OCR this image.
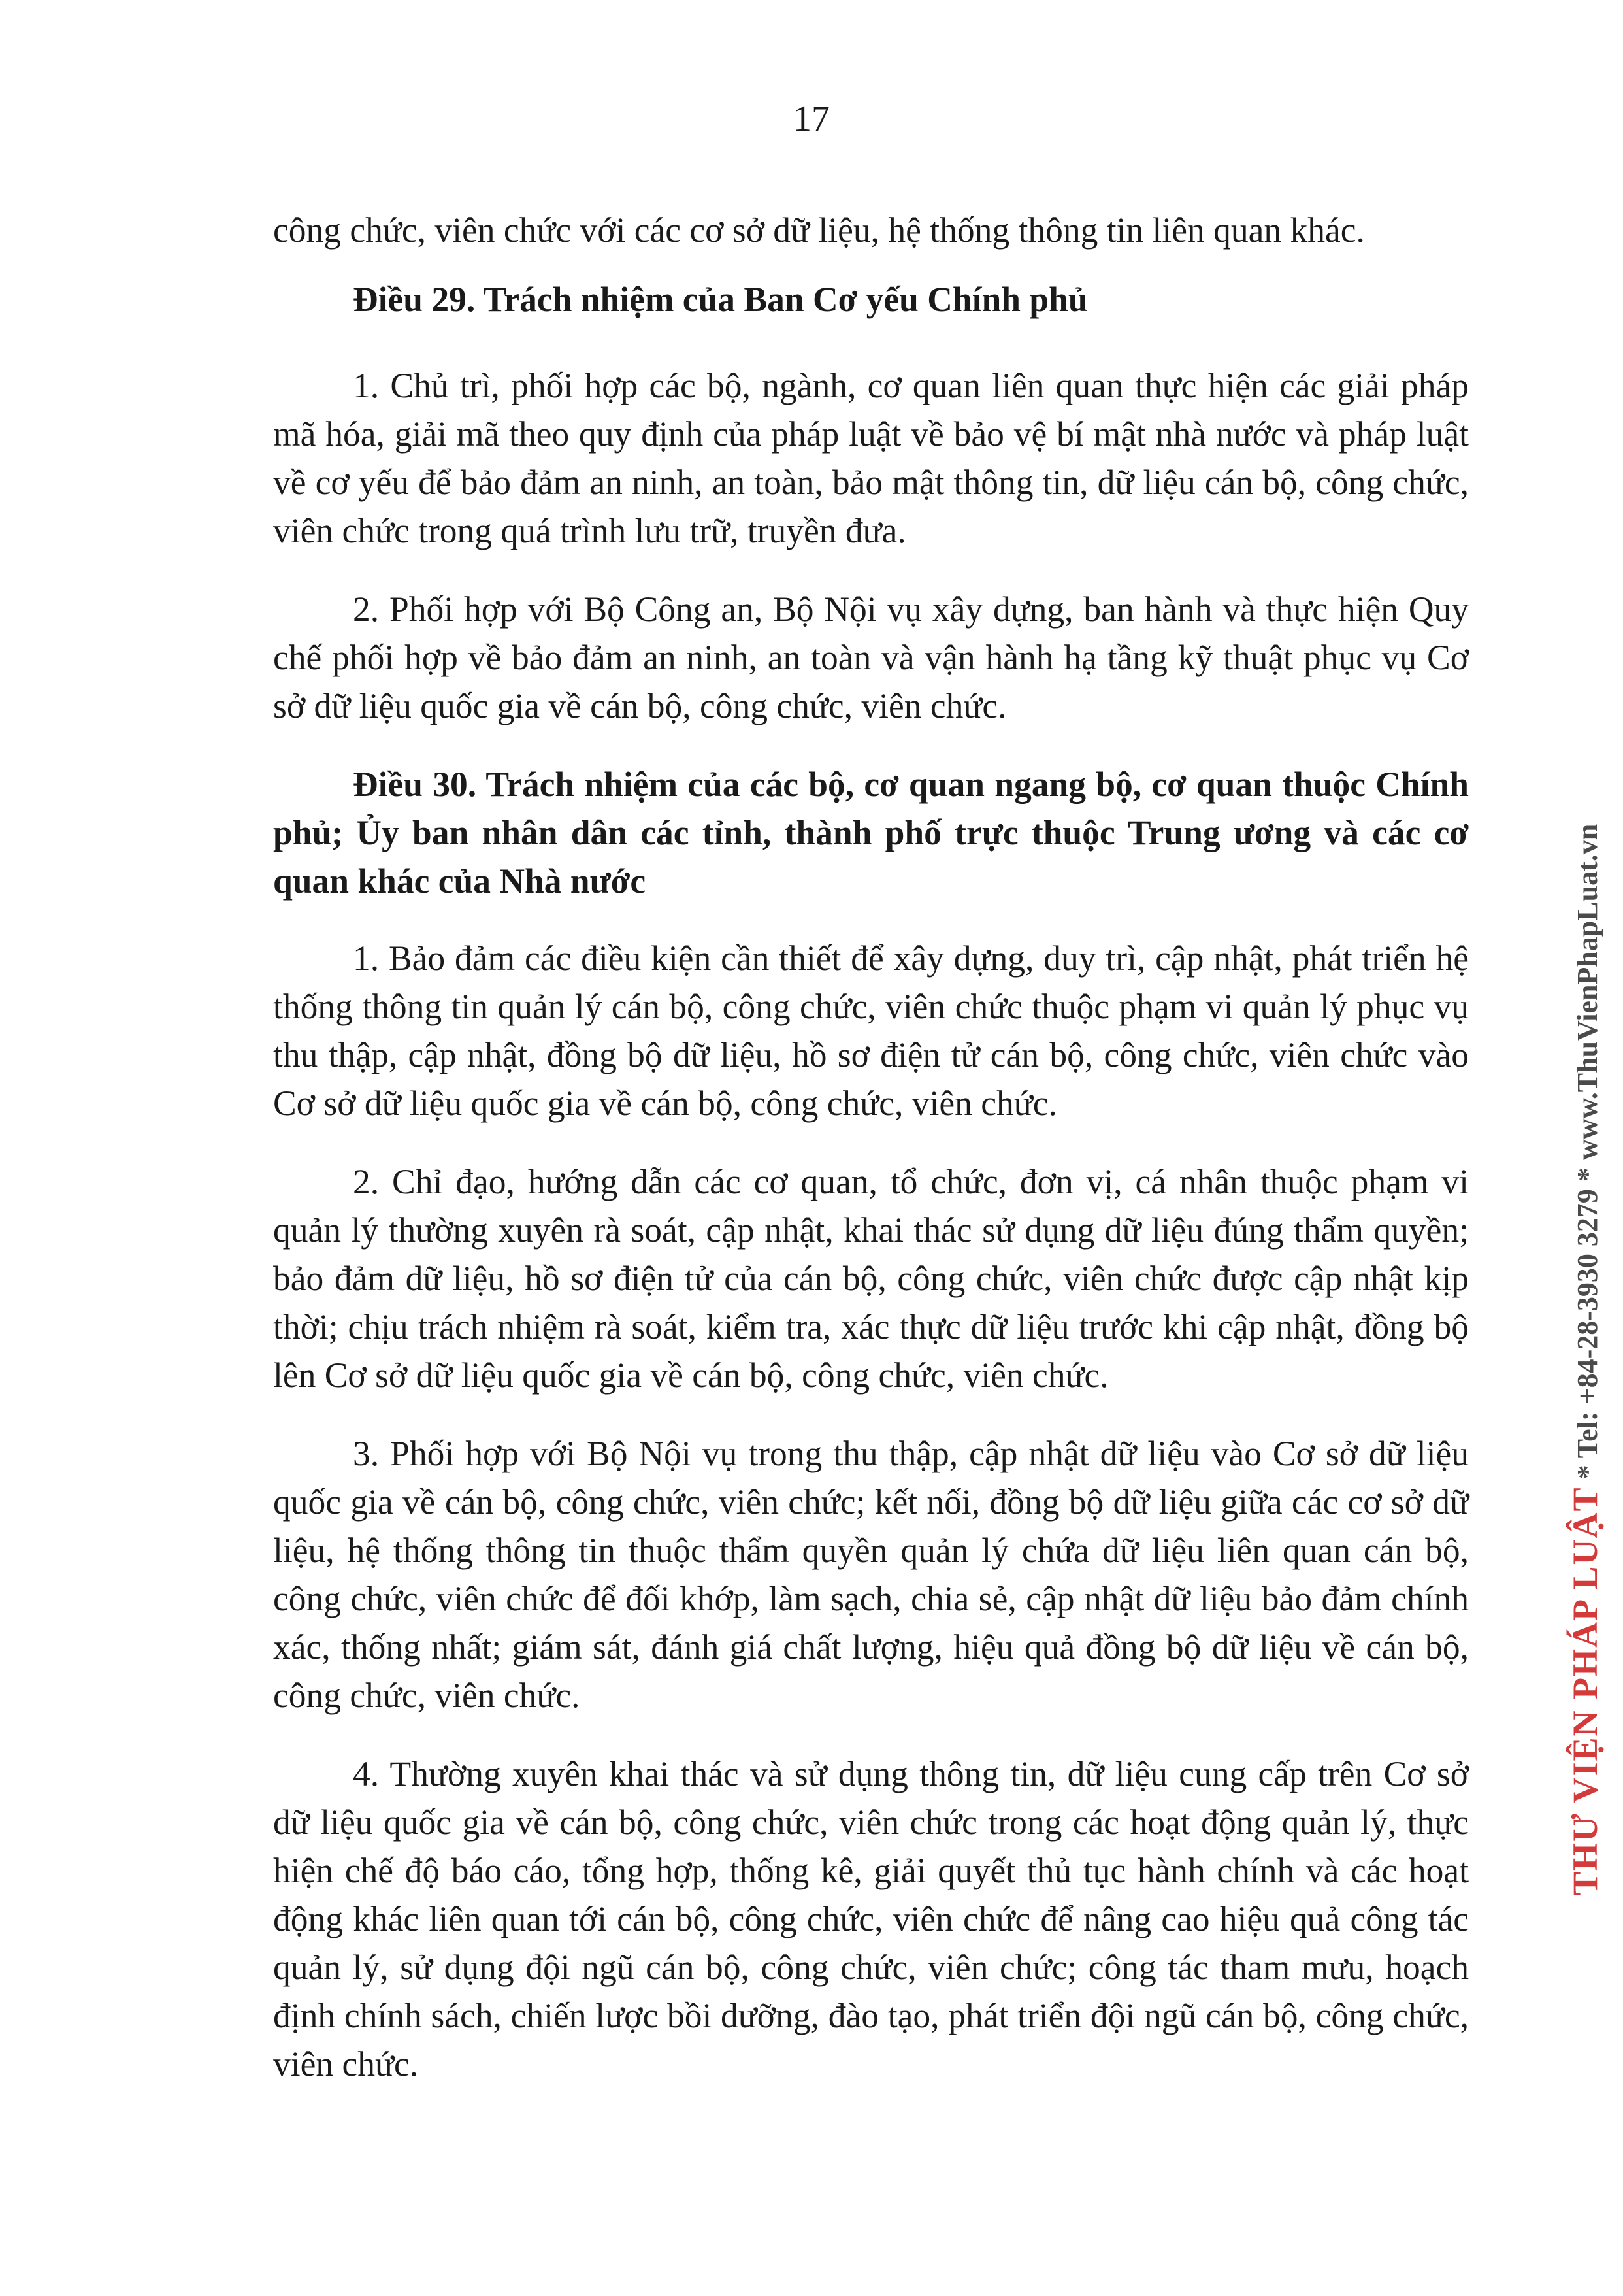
17

công chức, viên chức với các cơ sở dữ liệu, hệ thống thông tin liên quan khác.

Điều 29. Trách nhiệm của Ban Cơ yếu Chính phủ

1. Chủ trì, phối hợp các bộ, ngành, cơ quan liên quan thực hiện các giải pháp mã hóa, giải mã theo quy định của pháp luật về bảo vệ bí mật nhà nước và pháp luật về cơ yếu để bảo đảm an ninh, an toàn, bảo mật thông tin, dữ liệu cán bộ, công chức, viên chức trong quá trình lưu trữ, truyền đưa.

2. Phối hợp với Bộ Công an, Bộ Nội vụ xây dựng, ban hành và thực hiện Quy chế phối hợp về bảo đảm an ninh, an toàn và vận hành hạ tầng kỹ thuật phục vụ Cơ sở dữ liệu quốc gia về cán bộ, công chức, viên chức.

Điều 30. Trách nhiệm của các bộ, cơ quan ngang bộ, cơ quan thuộc Chính phủ; Ủy ban nhân dân các tỉnh, thành phố trực thuộc Trung ương và các cơ quan khác của Nhà nước

1. Bảo đảm các điều kiện cần thiết để xây dựng, duy trì, cập nhật, phát triển hệ thống thông tin quản lý cán bộ, công chức, viên chức thuộc phạm vi quản lý phục vụ thu thập, cập nhật, đồng bộ dữ liệu, hồ sơ điện tử cán bộ, công chức, viên chức vào Cơ sở dữ liệu quốc gia về cán bộ, công chức, viên chức.

2. Chỉ đạo, hướng dẫn các cơ quan, tổ chức, đơn vị, cá nhân thuộc phạm vi quản lý thường xuyên rà soát, cập nhật, khai thác sử dụng dữ liệu đúng thẩm quyền; bảo đảm dữ liệu, hồ sơ điện tử của cán bộ, công chức, viên chức được cập nhật kịp thời; chịu trách nhiệm rà soát, kiểm tra, xác thực dữ liệu trước khi cập nhật, đồng bộ lên Cơ sở dữ liệu quốc gia về cán bộ, công chức, viên chức.

3. Phối hợp với Bộ Nội vụ trong thu thập, cập nhật dữ liệu vào Cơ sở dữ liệu quốc gia về cán bộ, công chức, viên chức; kết nối, đồng bộ dữ liệu giữa các cơ sở dữ liệu, hệ thống thông tin thuộc thẩm quyền quản lý chứa dữ liệu liên quan cán bộ, công chức, viên chức để đối khớp, làm sạch, chia sẻ, cập nhật dữ liệu bảo đảm chính xác, thống nhất; giám sát, đánh giá chất lượng, hiệu quả đồng bộ dữ liệu về cán bộ, công chức, viên chức.

4. Thường xuyên khai thác và sử dụng thông tin, dữ liệu cung cấp trên Cơ sở dữ liệu quốc gia về cán bộ, công chức, viên chức trong các hoạt động quản lý, thực hiện chế độ báo cáo, tổng hợp, thống kê, giải quyết thủ tục hành chính và các hoạt động khác liên quan tới cán bộ, công chức, viên chức để nâng cao hiệu quả công tác quản lý, sử dụng đội ngũ cán bộ, công chức, viên chức; công tác tham mưu, hoạch định chính sách, chiến lược bồi dưỡng, đào tạo, phát triển đội ngũ cán bộ, công chức, viên chức.

THƯ VIỆN PHÁP LUẬT * Tel: +84-28-3930 3279 * www.ThuVienPhapLuat.vn
